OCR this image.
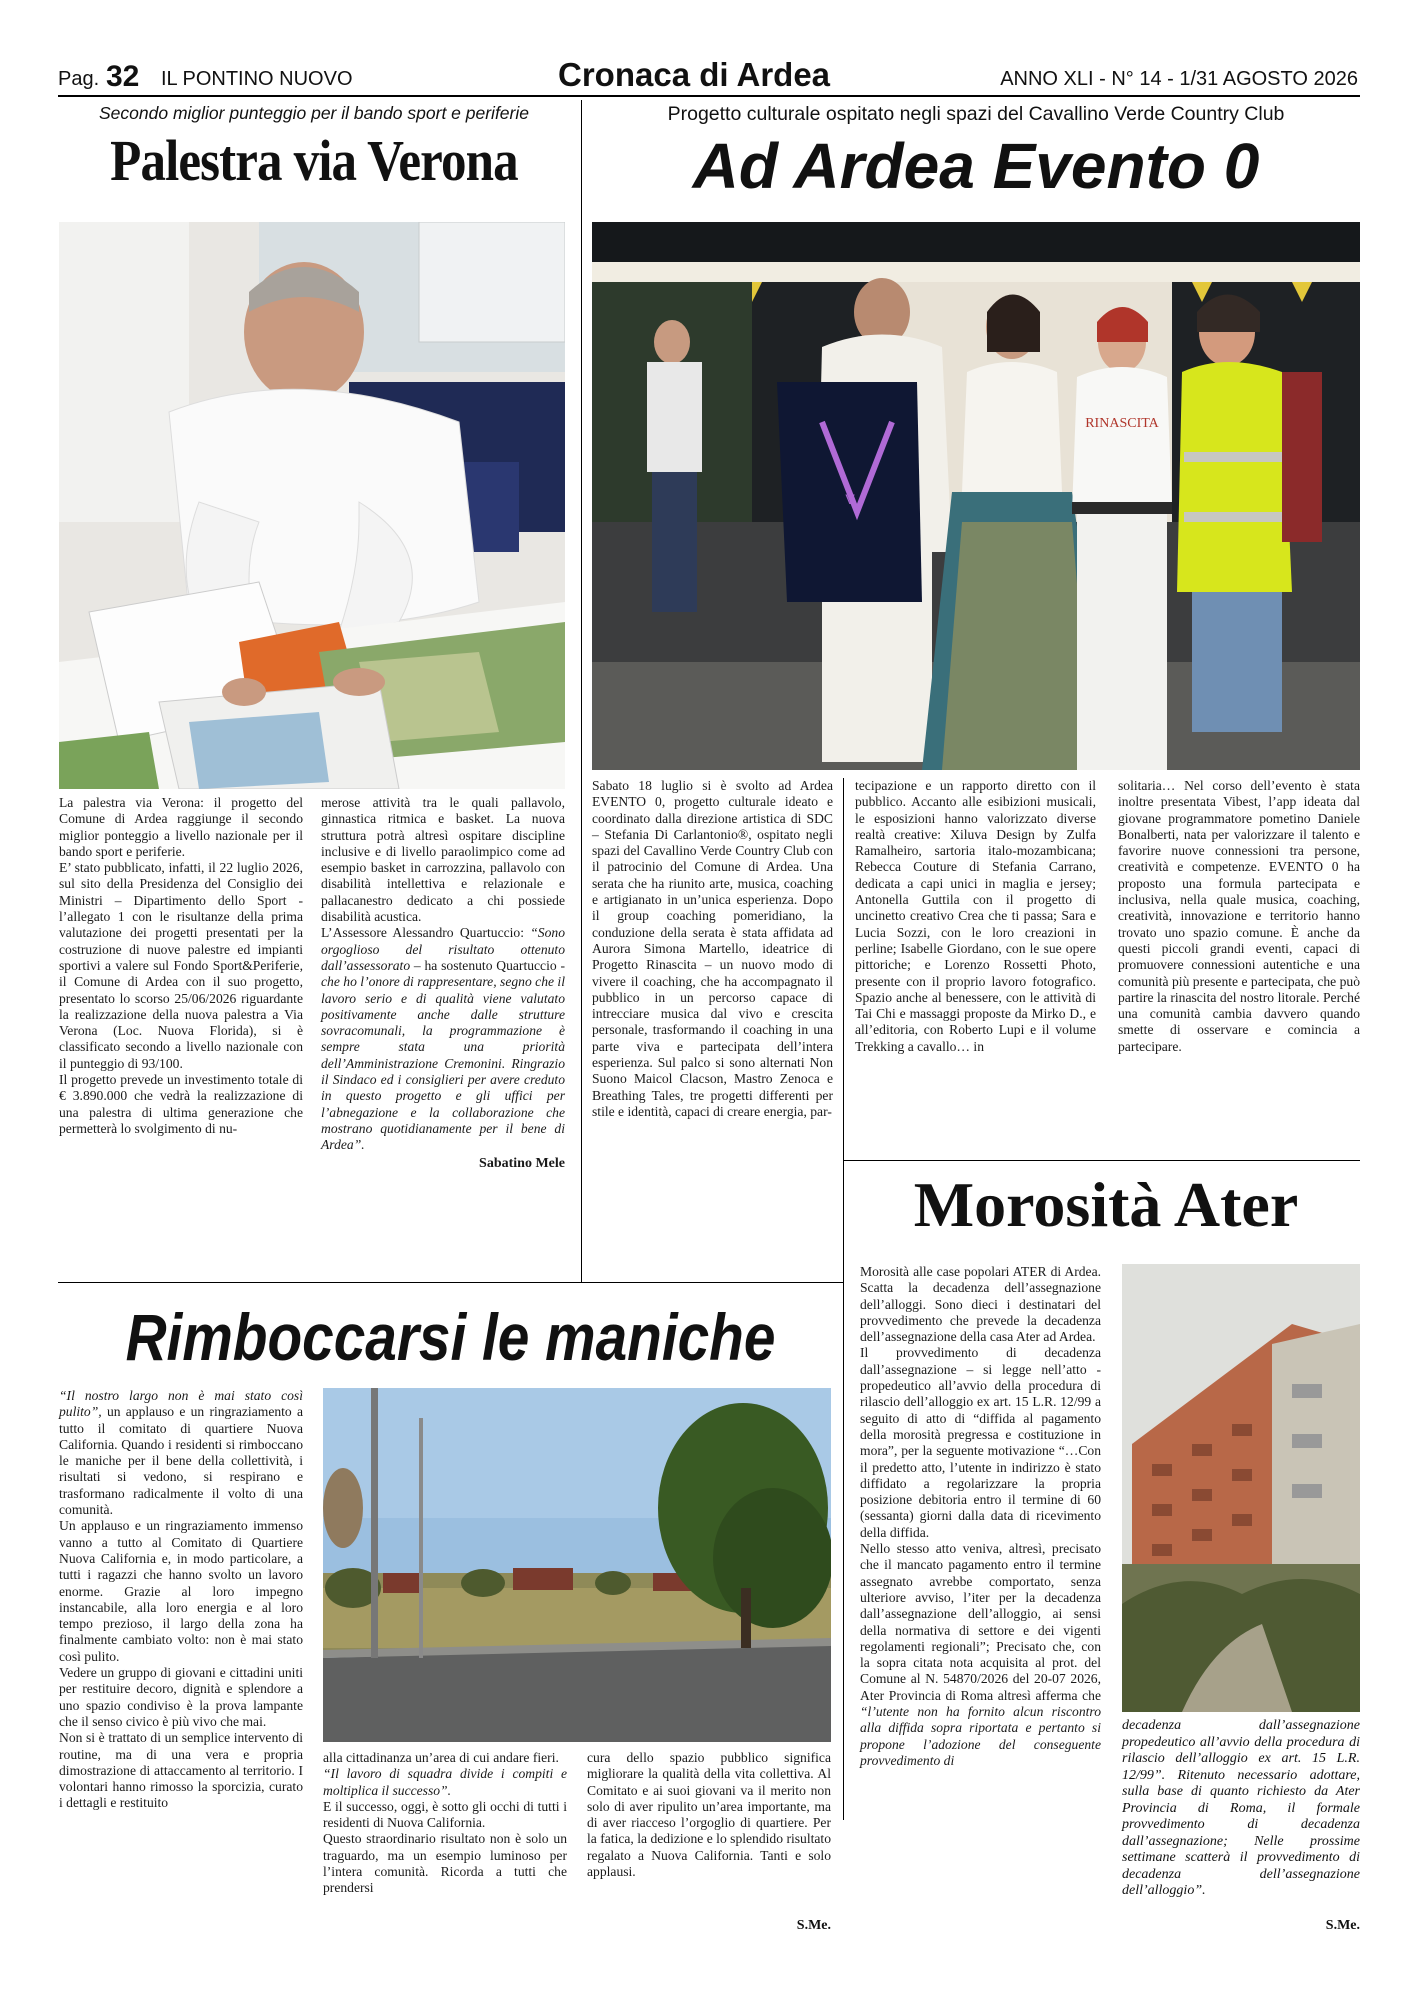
Pag. 32 IL PONTINO NUOVO	Cronaca di Ardea	ANNO XLI - N° 14 - 1/31 AGOSTO 2026
Secondo miglior punteggio per il bando sport e periferie
Palestra via Verona

La palestra via Verona: il progetto del Comune di Ardea raggiunge il secondo miglior ponteggio a livello nazionale per il bando sport e periferie.

E’ stato pubblicato, infatti, il 22 luglio 2026, sul sito della Presidenza del Consiglio dei Ministri – Dipartimento dello Sport - l’allegato 1 con le risultanze della prima valutazione dei progetti presentati per la costruzione di nuove palestre ed impianti sportivi a valere sul Fondo Sport&Periferie, il Comune di Ardea con il suo progetto, presentato lo scorso 25/06/2026 riguardante la realizzazione della nuova palestra a Via Verona (Loc. Nuova Florida), si è classificato secondo a livello nazionale con il punteggio di 93/100.

Il progetto prevede un investimento totale di € 3.890.000 che vedrà la realizzazione di una palestra di ultima generazione che permetterà lo svolgimento di nu-

merose attività tra le quali pallavolo, ginnastica ritmica e basket. La nuova struttura potrà altresì ospitare discipline inclusive e di livello paraolimpico come ad esempio basket in carrozzina, pallavolo con disabilità intellettiva e relazionale e pallacanestro dedicato a chi possiede disabilità acustica.

L’Assessore Alessandro Quartuccio: “Sono orgoglioso del risultato ottenuto dall’assessorato – ha sostenuto Quartuccio - che ho l’onore di rappresentare, segno che il lavoro serio e di qualità viene valutato positivamente anche dalle strutture sovracomunali, la programmazione è sempre stata una priorità dell’Amministrazione Cremonini. Ringrazio il Sindaco ed i consiglieri per avere creduto in questo progetto e gli uffici per l’abnegazione e la collaborazione che mostrano quotidianamente per il bene di Ardea”.

Sabatino Mele
Progetto culturale ospitato negli spazi del Cavallino Verde Country Club
Ad Ardea Evento 0
V
RINASCITA
Sabato 18 luglio si è svolto ad Ardea EVENTO 0, progetto culturale ideato e coordinato dalla direzione artistica di SDC – Stefania Di Carlantonio®, ospitato negli spazi del Cavallino Verde Country Club con il patrocinio del Comune di Ardea. Una serata che ha riunito arte, musica, coaching e artigianato in un’unica esperienza. Dopo il group coaching pomeridiano, la conduzione della serata è stata affidata ad Aurora Simona Martello, ideatrice di Progetto Rinascita – un nuovo modo di vivere il coaching, che ha accompagnato il pubblico in un percorso capace di intrecciare musica dal vivo e crescita personale, trasformando il coaching in una parte viva e partecipata dell’intera esperienza. Sul palco si sono alternati Non Suono Maicol Clacson, Mastro Zenoca e Breathing Tales, tre progetti differenti per stile e identità, capaci di creare energia, par-
tecipazione e un rapporto diretto con il pubblico. Accanto alle esibizioni musicali, le esposizioni hanno valorizzato diverse realtà creative: Xiluva Design by Zulfa Ramalheiro, sartoria italo-mozambicana; Rebecca Couture di Stefania Carrano, dedicata a capi unici in maglia e jersey; Antonella Guttila con il progetto di uncinetto creativo Crea che ti passa; Sara e Lucia Sozzi, con le loro creazioni in perline; Isabelle Giordano, con le sue opere pittoriche; e Lorenzo Rossetti Photo, presente con il proprio lavoro fotografico. Spazio anche al benessere, con le attività di Tai Chi e massaggi proposte da Mirko D., e all’editoria, con Roberto Lupi e il volume Trekking a cavallo… in
solitaria… Nel corso dell’evento è stata inoltre presentata Vibest, l’app ideata dal giovane programmatore pometino Daniele Bonalberti, nata per valorizzare il talento e favorire nuove connessioni tra persone, creatività e competenze. EVENTO 0 ha proposto una formula partecipata e inclusiva, nella quale musica, coaching, creatività, innovazione e territorio hanno trovato uno spazio comune. È anche da questi piccoli grandi eventi, capaci di promuovere connessioni autentiche e una comunità più presente e partecipata, che può partire la rinascita del nostro litorale. Perché una comunità cambia davvero quando smette di osservare e comincia a partecipare.
Morosità Ater

Morosità alle case popolari ATER di Ardea. Scatta la decadenza dell’assegnazione dell’alloggi. Sono dieci i destinatari del provvedimento che prevede la decadenza dell’assegnazione della casa Ater ad Ardea.

Il provvedimento di decadenza dall’assegnazione – si legge nell’atto - propedeutico all’avvio della procedura di rilascio dell’alloggio ex art. 15 L.R. 12/99 a seguito di atto di “diffida al pagamento della morosità pregressa e costituzione in mora”, per la seguente motivazione “…Con il predetto atto, l’utente in indirizzo è stato diffidato a regolarizzare la propria posizione debitoria entro il termine di 60 (sessanta) giorni dalla data di ricevimento della diffida.

Nello stesso atto veniva, altresì, precisato che il mancato pagamento entro il termine assegnato avrebbe comportato, senza ulteriore avviso, l’iter per la decadenza dall’assegnazione dell’alloggio, ai sensi della normativa di settore e dei vigenti regolamenti regionali”; Precisato che, con la sopra citata nota acquisita al prot. del Comune al N. 54870/2026 del 20-07 2026, Ater Provincia di Roma altresì afferma che “l’utente non ha fornito alcun riscontro alla diffida sopra riportata e pertanto si propone l’adozione del conseguente provvedimento di

decadenza dall’assegnazione propedeutico all’avvio della procedura di rilascio dell’alloggio ex art. 15 L.R. 12/99”. Ritenuto necessario adottare, sulla base di quanto richiesto da Ater Provincia di Roma, il formale provvedimento di decadenza dall’assegnazione; Nelle prossime settimane scatterà il provvedimento di decadenza dell’assegnazione dell’alloggio”.
S.Me.
Rimboccarsi le maniche

“Il nostro largo non è mai stato così pulito”, un applauso e un ringraziamento a tutto il comitato di quartiere Nuova California. Quando i residenti si rimboccano le maniche per il bene della collettività, i risultati si vedono, si respirano e trasformano radicalmente il volto di una comunità.

Un applauso e un ringraziamento immenso vanno a tutto al Comitato di Quartiere Nuova California e, in modo particolare, a tutti i ragazzi che hanno svolto un lavoro enorme. Grazie al loro impegno instancabile, alla loro energia e al loro tempo prezioso, il largo della zona ha finalmente cambiato volto: non è mai stato così pulito.

Vedere un gruppo di giovani e cittadini uniti per restituire decoro, dignità e splendore a uno spazio condiviso è la prova lampante che il senso civico è più vivo che mai.

Non si è trattato di un semplice intervento di routine, ma di una vera e propria dimostrazione di attaccamento al territorio. I volontari hanno rimosso la sporcizia, curato i dettagli e restituito

alla cittadinanza un’area di cui andare fieri.

“Il lavoro di squadra divide i compiti e moltiplica il successo”.

E il successo, oggi, è sotto gli occhi di tutti i residenti di Nuova California.

Questo straordinario risultato non è solo un traguardo, ma un esempio luminoso per l’intera comunità. Ricorda a tutti che prendersi

cura dello spazio pubblico significa migliorare la qualità della vita collettiva. Al Comitato e ai suoi giovani va il merito non solo di aver ripulito un’area importante, ma di aver riacceso l’orgoglio di quartiere. Per la fatica, la dedizione e lo splendido risultato regalato a Nuova California. Tanti e solo applausi.
S.Me.
